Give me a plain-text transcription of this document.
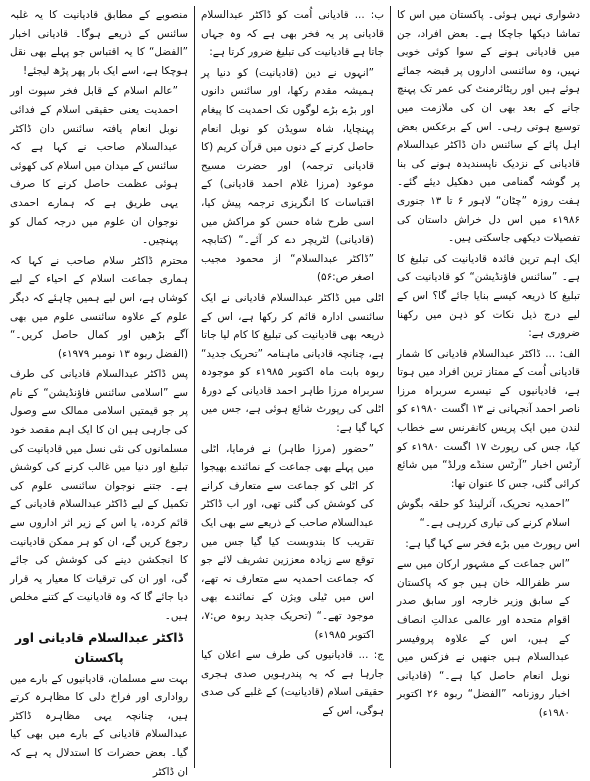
دشواری نہیں ہوئی۔ پاکستان میں اس کا تماشا دیکھا جاچکا ہے۔ بعض افراد، جن میں قادیانی ہونے کے سوا کوئی خوبی نہیں، وہ سائنسی اداروں پر قبضہ جمائے ہوئے ہیں اور ریٹائرمنٹ کی عمر تک پہنچ جانے کے بعد بھی ان کی ملازمت میں توسیع ہوتی رہی۔ اس کے برعکس بعض اہل پائے کے سائنس دان ڈاکٹر عبدالسلام قادیانی کے نزدیک ناپسندیدہ ہونے کی بنا پر گوشہ گمنامی میں دھکیل دیئے گئے۔ ہفت روزہ ”چٹان“ لاہور ۶ تا ۱۳ جنوری ۱۹۸۶ء میں اس دل خراش داستان کی تفصیلات دیکھی جاسکتی ہیں۔

ایک اہم ترین فائدہ قادیانیت کی تبلیغ کا ہے۔ ”سائنس فاؤنڈیشن“ کو قادیانیت کی تبلیغ کا ذریعہ کیسے بنایا جائے گا؟ اس کے لیے درج ذیل نکات کو ذہن میں رکھنا ضروری ہے:

الف: ... ڈاکٹر عبدالسلام قادیانی کا شمار قادیانی اُمت کے ممتاز ترین افراد میں ہوتا ہے، قادیانیوں کے تیسرے سربراہ مرزا ناصر احمد آنجہانی نے ۱۳ اگست ۱۹۸۰ء کو لندن میں ایک پریس کانفرنس سے خطاب کیا، جس کی رپورٹ ۱۷ اگست ۱۹۸۰ء کو آرٹس اخبار ”آرٹس سنڈے ورلڈ“ میں شائع کرائی گئی، جس کا عنوان تھا:

”احمدیہ تحریک، آئرلینڈ کو حلقہ بگوش اسلام کرنے کی تیاری کررہی ہے۔“

اس رپورٹ میں بڑے فخر سے کہا گیا ہے:

”اس جماعت کے مشہور ارکان میں سے سر ظفراللہ خان ہیں جو کہ پاکستان کے سابق وزیر خارجہ اور سابق صدر اقوام متحدہ اور عالمی عدالتِ انصاف کے ہیں، اس کے علاوہ پروفیسر عبدالسلام ہیں جنھیں نے فزکس میں نوبل انعام حاصل کیا ہے۔“ (قادیانی اخبار روزنامہ ”الفضل“ ربوہ ۲۶ اکتوبر ۱۹۸۰ء)

ب: ... قادیانی اُمت کو ڈاکٹر عبدالسلام قادیانی پر یہ فخر بھی ہے کہ وہ جہاں جاتا ہے قادیانیت کی تبلیغ ضرور کرتا ہے:

”انہوں نے دین (قادیانیت) کو دنیا پر ہمیشہ مقدم رکھا، اور سائنس دانوں اور بڑے بڑے لوگوں تک احمدیت کا پیغام پہنچایا، شاہ سویڈن کو نوبل انعام حاصل کرنے کے دنوں میں قرآن کریم (کا قادیانی ترجمہ) اور حضرت مسیح موعود (مرزا غلام احمد قادیانی) کے اقتباسات کا انگریزی ترجمہ پیش کیا، اسی طرح شاہ حسن کو مراکش میں (قادیانی) لٹریچر دے کر آئے۔“ (کتابچہ ”ڈاکٹر عبدالسلام“ از محمود مجیب اصغر ص:۵۶)

اٹلی میں ڈاکٹر عبدالسلام قادیانی نے ایک سائنسی ادارہ قائم کر رکھا ہے، اس کے ذریعہ بھی قادیانیت کی تبلیغ کا کام لیا جاتا ہے، چنانچہ قادیانی ماہنامہ ”تحریک جدید“ ربوہ بابت ماہ اکتوبر ۱۹۸۵ء کو موجودہ سربراہ مرزا طاہر احمد قادیانی کے دورۂ اٹلی کی رپورٹ شائع ہوئی ہے، جس میں کہا گیا ہے:

”حضور (مرزا طاہر) نے فرمایا، اٹلی میں پہلے بھی جماعت کے نمائندے بھیجوا کر اٹلی کو جماعت سے متعارف کرانے کی کوشش کی گئی تھی، اور اب ڈاکٹر عبدالسلام صاحب کے ذریعے سے بھی ایک تقریب کا بندوبست کیا گیا جس میں توقع سے زیادہ معززین تشریف لائے جو کہ جماعت احمدیہ سے متعارف نہ تھے، اس میں ٹیلی ویژن کے نمائندے بھی موجود تھے۔“ (تحریک جدید ربوہ ص:۷، اکتوبر ۱۹۸۵ء)

ج: ... قادیانیوں کی طرف سے اعلان کیا جارہا ہے کہ یہ پندرہویں صدی ہجری حقیقی اسلام (قادیانیت) کے غلبے کی صدی ہوگی، اس کے

منصوبے کے مطابق قادیانیت کا یہ غلبہ سائنس کے ذریعے ہوگا۔ قادیانی اخبار ”الفضل“ کا یہ اقتباس جو پہلے بھی نقل ہوچکا ہے، اسے ایک بار پھر پڑھ لیجئے!

”عالم اسلام کے قابل فخر سپوت اور احمدیت یعنی حقیقی اسلام کے فدائی نوبل انعام یافتہ سائنس دان ڈاکٹر عبدالسلام صاحب نے کہا ہے کہ سائنس کے میدان میں اسلام کی کھوئی ہوئی عظمت حاصل کرنے کا صرف یہی طریق ہے کہ ہمارے احمدی نوجوان ان علوم میں درجہ کمال کو پہنچیں۔

محترم ڈاکٹر سلام صاحب نے کہا کہ ہماری جماعت اسلام کے احیاء کے لیے کوشاں ہے، اس لیے ہمیں چاہئے کہ دیگر علوم کے علاوہ سائنسی علوم میں بھی آگے بڑھیں اور کمال حاصل کریں۔“ (الفضل ربوہ ۱۳ نومبر ۱۹۷۹ء)

پس ڈاکٹر عبدالسلام قادیانی کی طرف سے ”اسلامی سائنس فاؤنڈیشن“ کے نام پر جو قیمتیں اسلامی ممالک سے وصول کی جارہی ہیں ان کا ایک اہم مقصد خود مسلمانوں کی نئی نسل میں قادیانیت کی تبلیغ اور دنیا میں غالب کرنے کی کوشش ہے۔ جتنے نوجوان سائنسی علوم کی تکمیل کے لیے ڈاکٹر عبدالسلام قادیانی کے قائم کردہ، یا اس کے زیر اثر اداروں سے رجوع کریں گے، ان کو ہر ممکن قادیانیت کا انجکشن دینے کی کوشش کی جائے گی، اور ان کی ترقیات کا معیار یہ قرار دیا جائے گا کہ وہ قادیانیت کے کتنے مخلص ہیں۔

ڈاکٹر عبدالسلام قادیانی اور پاکستان

بہت سے مسلمان، قادیانیوں کے بارے میں رواداری اور فراخ دلی کا مظاہرہ کرتے ہیں، چنانچہ یہی مظاہرہ ڈاکٹر عبدالسلام قادیانی کے بارے میں بھی کیا گیا۔ بعض حضرات کا استدلال یہ ہے کہ ان ڈاکٹر
